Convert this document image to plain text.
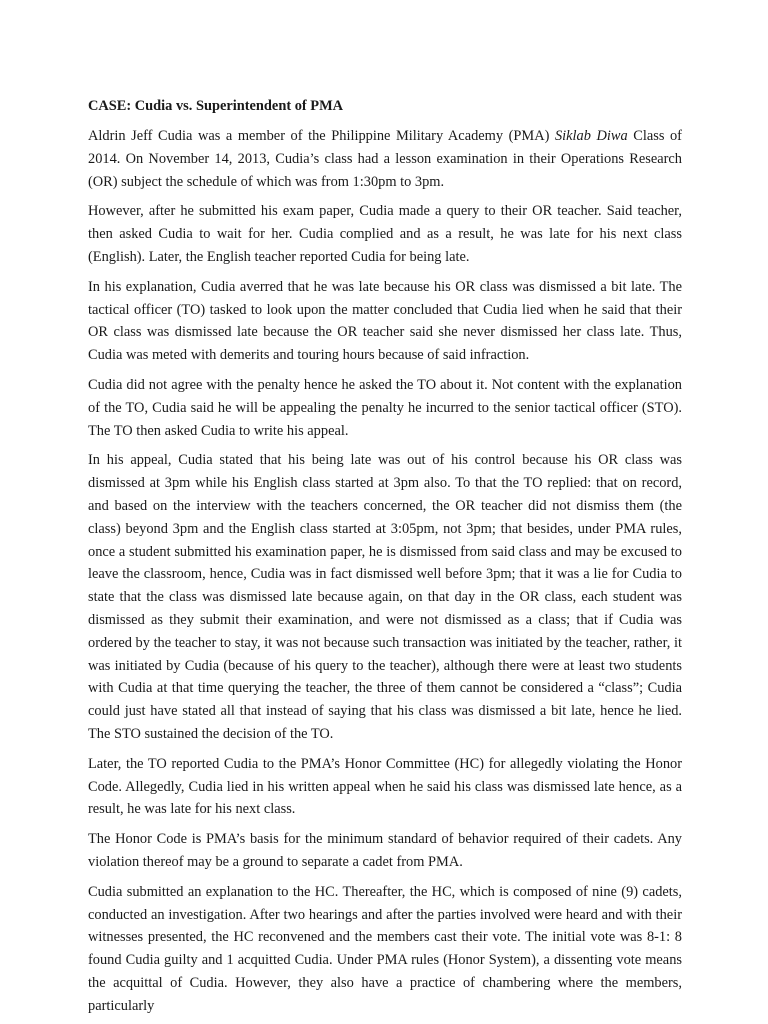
CASE: Cudia vs. Superintendent of PMA

Aldrin Jeff Cudia was a member of the Philippine Military Academy (PMA) Siklab Diwa Class of 2014. On November 14, 2013, Cudia’s class had a lesson examination in their Operations Research (OR) subject the schedule of which was from 1:30pm to 3pm.

However, after he submitted his exam paper, Cudia made a query to their OR teacher. Said teacher, then asked Cudia to wait for her. Cudia complied and as a result, he was late for his next class (English). Later, the English teacher reported Cudia for being late.

In his explanation, Cudia averred that he was late because his OR class was dismissed a bit late. The tactical officer (TO) tasked to look upon the matter concluded that Cudia lied when he said that their OR class was dismissed late because the OR teacher said she never dismissed her class late. Thus, Cudia was meted with demerits and touring hours because of said infraction.

Cudia did not agree with the penalty hence he asked the TO about it. Not content with the explanation of the TO, Cudia said he will be appealing the penalty he incurred to the senior tactical officer (STO). The TO then asked Cudia to write his appeal.

In his appeal, Cudia stated that his being late was out of his control because his OR class was dismissed at 3pm while his English class started at 3pm also. To that the TO replied: that on record, and based on the interview with the teachers concerned, the OR teacher did not dismiss them (the class) beyond 3pm and the English class started at 3:05pm, not 3pm; that besides, under PMA rules, once a student submitted his examination paper, he is dismissed from said class and may be excused to leave the classroom, hence, Cudia was in fact dismissed well before 3pm; that it was a lie for Cudia to state that the class was dismissed late because again, on that day in the OR class, each student was dismissed as they submit their examination, and were not dismissed as a class; that if Cudia was ordered by the teacher to stay, it was not because such transaction was initiated by the teacher, rather, it was initiated by Cudia (because of his query to the teacher), although there were at least two students with Cudia at that time querying the teacher, the three of them cannot be considered a “class”; Cudia could just have stated all that instead of saying that his class was dismissed a bit late, hence he lied. The STO sustained the decision of the TO.

Later, the TO reported Cudia to the PMA’s Honor Committee (HC) for allegedly violating the Honor Code. Allegedly, Cudia lied in his written appeal when he said his class was dismissed late hence, as a result, he was late for his next class.

The Honor Code is PMA’s basis for the minimum standard of behavior required of their cadets. Any violation thereof may be a ground to separate a cadet from PMA.

Cudia submitted an explanation to the HC. Thereafter, the HC, which is composed of nine (9) cadets, conducted an investigation. After two hearings and after the parties involved were heard and with their witnesses presented, the HC reconvened and the members cast their vote. The initial vote was 8-1: 8 found Cudia guilty and 1 acquitted Cudia. Under PMA rules (Honor System), a dissenting vote means the acquittal of Cudia. However, they also have a practice of chambering where the members, particularly
